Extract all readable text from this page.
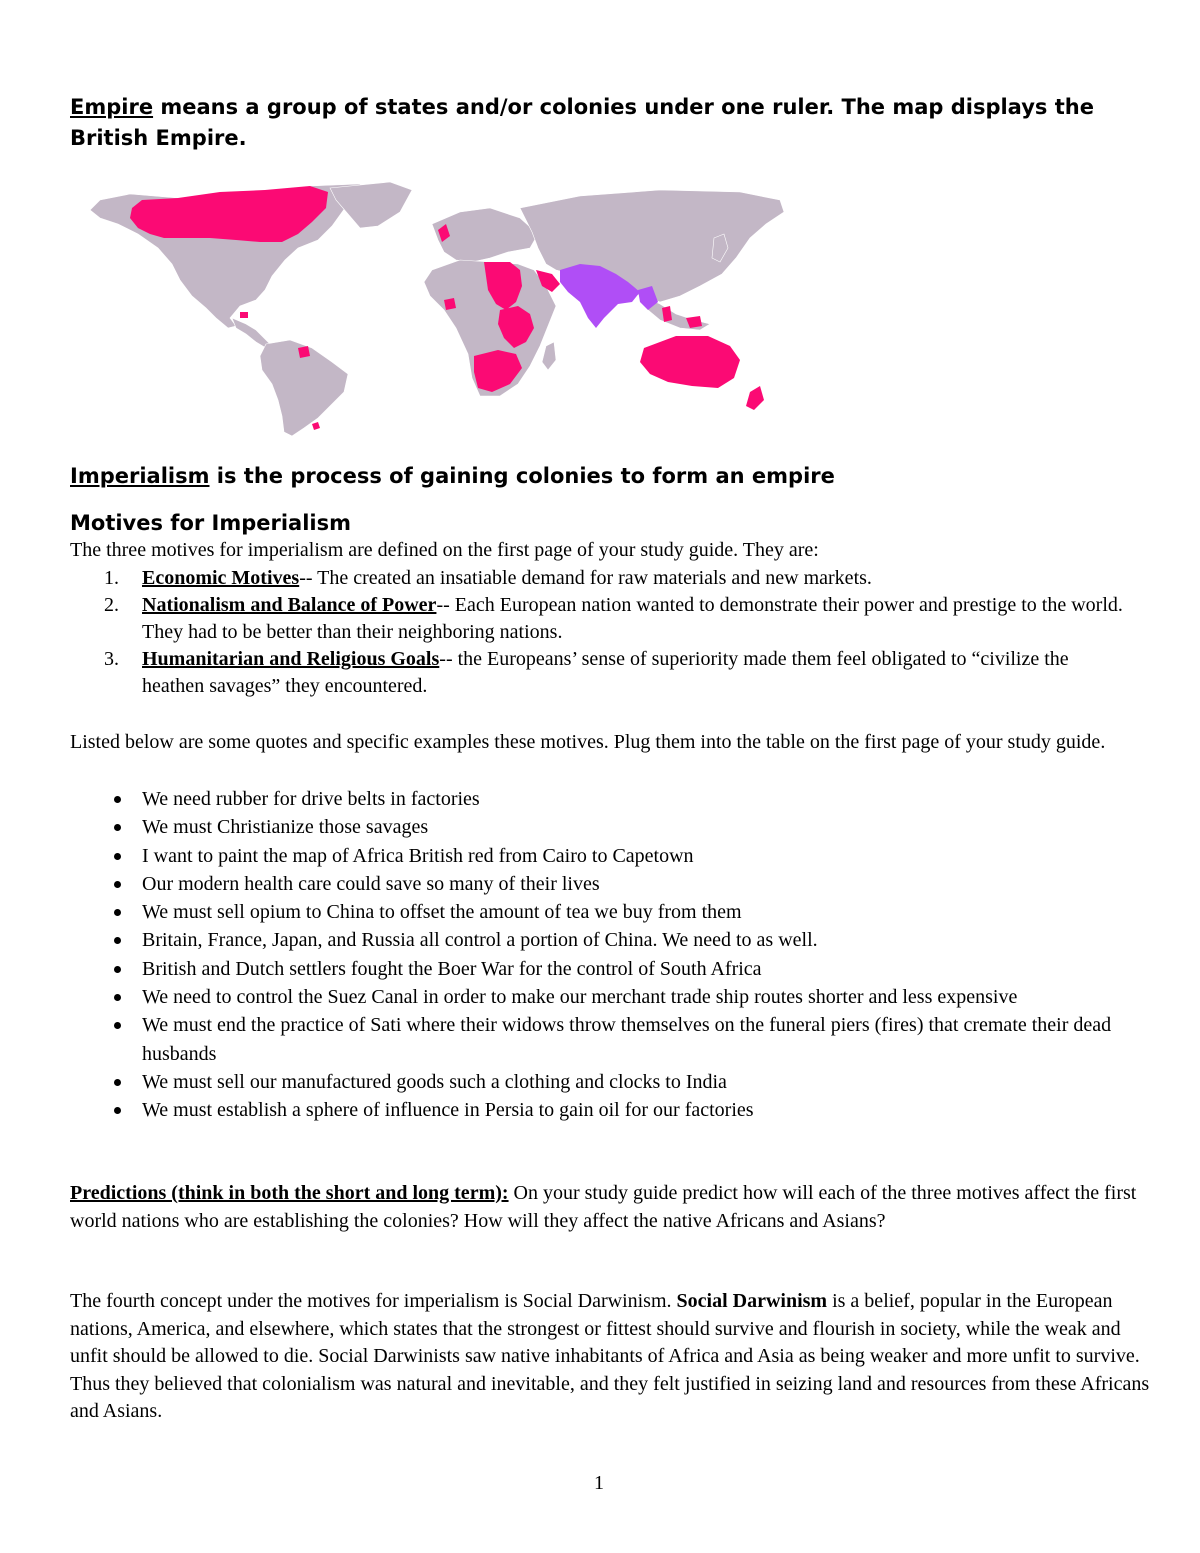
Empire means a group of states and/or colonies under one ruler. The map displays the British Empire.

Imperialism is the process of gaining colonies to form an empire

Motives for Imperialism

The three motives for imperialism are defined on the first page of your study guide. They are:

1. Economic Motives-- The created an insatiable demand for raw materials and new markets.
2. Nationalism and Balance of Power-- Each European nation wanted to demonstrate their power and prestige to the world. They had to be better than their neighboring nations.
3. Humanitarian and Religious Goals-- the Europeans’ sense of superiority made them feel obligated to “civilize the heathen savages” they encountered.

Listed below are some quotes and specific examples these motives. Plug them into the table on the first page of your study guide.

We need rubber for drive belts in factories
We must Christianize those savages
I want to paint the map of Africa British red from Cairo to Capetown
Our modern health care could save so many of their lives
We must sell opium to China to offset the amount of tea we buy from them
Britain, France, Japan, and Russia all control a portion of China. We need to as well.
British and Dutch settlers fought the Boer War for the control of South Africa
We need to control the Suez Canal in order to make our merchant trade ship routes shorter and less expensive
We must end the practice of Sati where their widows throw themselves on the funeral piers (fires) that cremate their dead husbands
We must sell our manufactured goods such a clothing and clocks to India
We must establish a sphere of influence in Persia to gain oil for our factories

Predictions (think in both the short and long term): On your study guide predict how will each of the three motives affect the first world nations who are establishing the colonies? How will they affect the native Africans and Asians?

The fourth concept under the motives for imperialism is Social Darwinism. Social Darwinism is a belief, popular in the European nations, America, and elsewhere, which states that the strongest or fittest should survive and flourish in society, while the weak and unfit should be allowed to die. Social Darwinists saw native inhabitants of Africa and Asia as being weaker and more unfit to survive. Thus they believed that colonialism was natural and inevitable, and they felt justified in seizing land and resources from these Africans and Asians.

1
